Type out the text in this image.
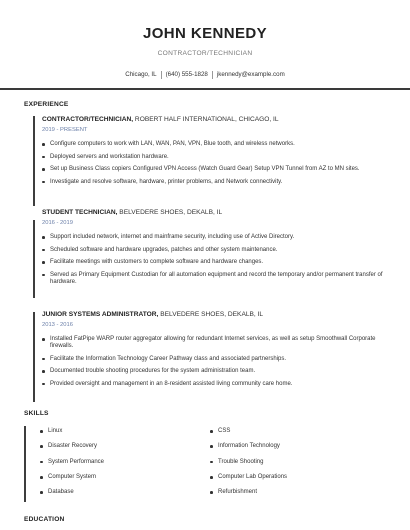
JOHN KENNEDY
CONTRACTOR/TECHNICIAN
Chicago, IL (640) 555-1828 jkennedy@example.com
EXPERIENCE
CONTRACTOR/TECHNICIAN, ROBERT HALF INTERNATIONAL, CHICAGO, IL
2019 - PRESENT
Configure computers to work with LAN, WAN, PAN, VPN, Blue tooth, and wireless networks.
Deployed servers and workstation hardware.
Set up Business Class copiers Configured VPN Access (Watch Guard Gear) Setup VPN Tunnel from AZ to MN sites.
Investigate and resolve software, hardware, printer problems, and Network connectivity.
STUDENT TECHNICIAN, BELVEDERE SHOES, DEKALB, IL
2016 - 2019
Support included network, internet and mainframe security, including use of Active Directory.
Scheduled software and hardware upgrades, patches and other system maintenance.
Facilitate meetings with customers to complete software and hardware changes.
Served as Primary Equipment Custodian for all automation equipment and record the temporary and/or permanent transfer of hardware.
JUNIOR SYSTEMS ADMINISTRATOR, BELVEDERE SHOES, DEKALB, IL
2013 - 2016
Installed FatPipe WARP router aggregator allowing for redundant Internet services, as well as setup Smoothwall Corporate firewalls.
Facilitate the Information Technology Career Pathway class and associated partnerships.
Documented trouble shooting procedures for the system administration team.
Provided oversight and management in an 8-resident assisted living community care home.
SKILLS
Linux
Disaster Recovery
System Performance
Computer System
Database
CSS
Information Technology
Trouble Shooting
Computer Lab Operations
Refurbishment
EDUCATION
